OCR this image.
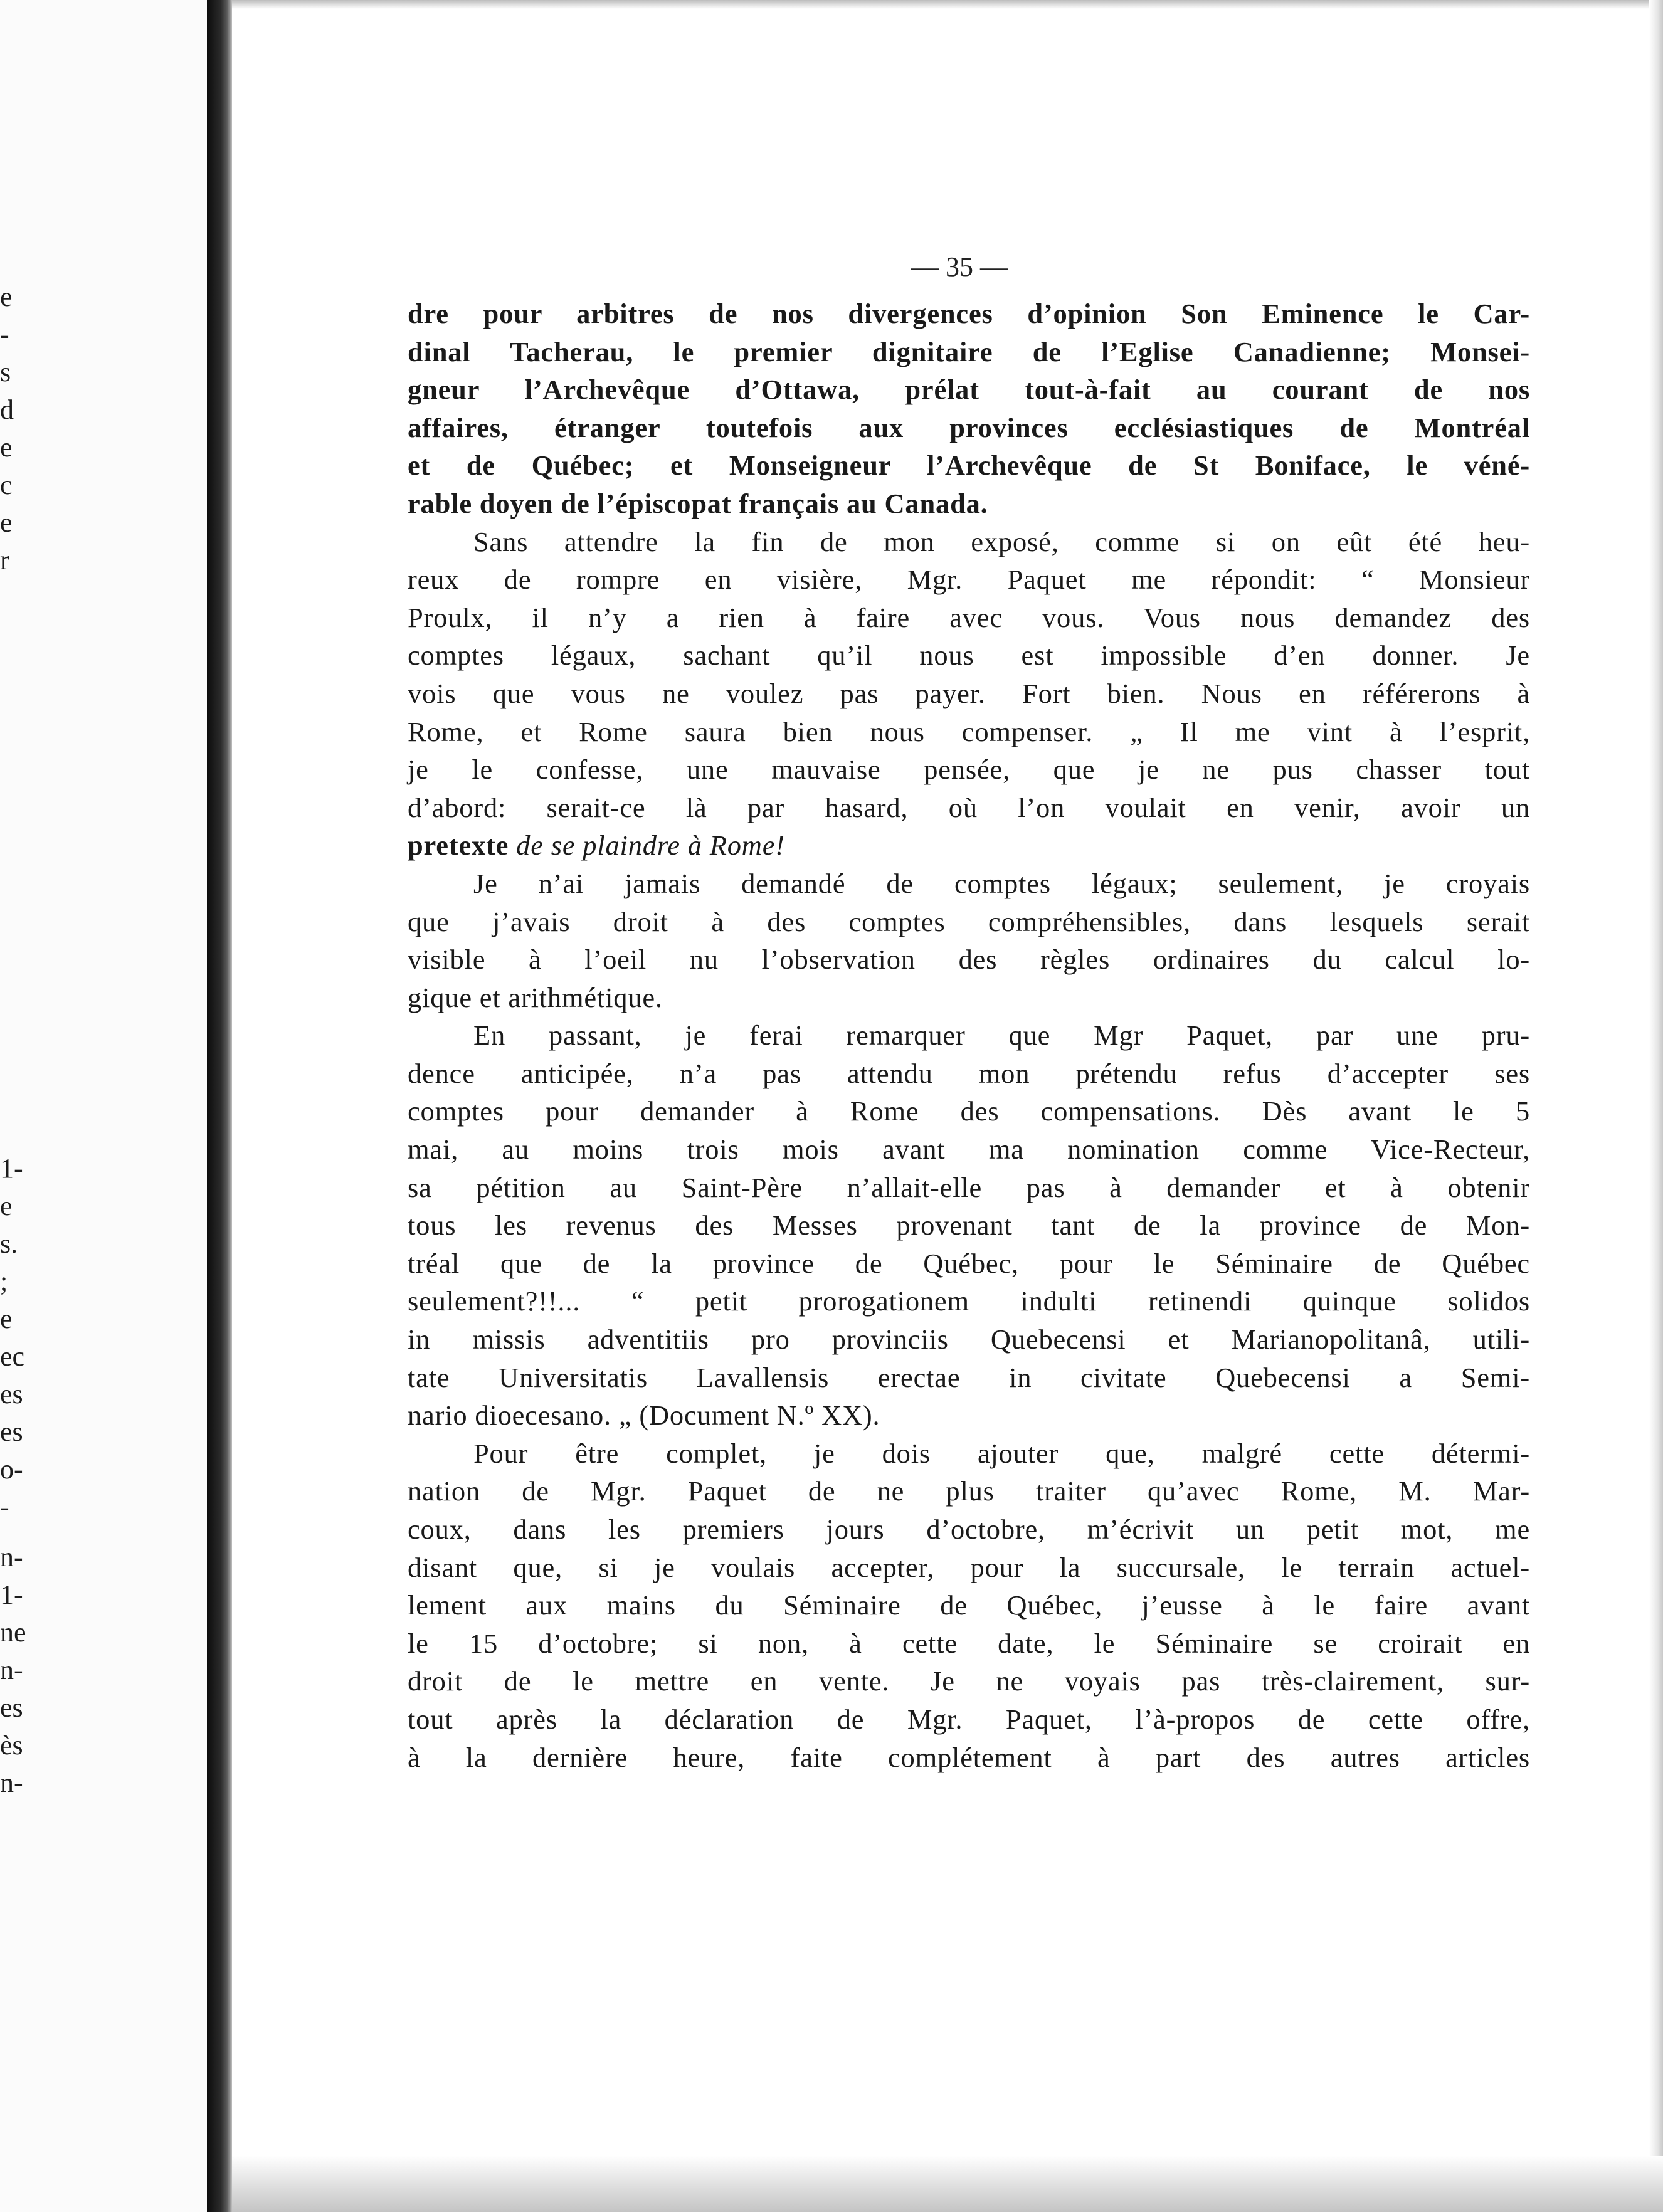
e
-
s
d
e
c
e
r
1-
e
s.
;
e
ec
es
es
o-
-
n-
1-
ne
n-
es
ès
n-
— 35 —

dre pour arbitres de nos divergences d’opinion Son Eminence le Car-

dinal Tacherau, le premier dignitaire de l’Eglise Canadienne; Monsei-

gneur l’Archevêque d’Ottawa, prélat tout-à-fait au courant de nos

affaires, étranger toutefois aux provinces ecclésiastiques de Montréal

et de Québec; et Monseigneur l’Archevêque de St Boniface, le véné-

rable doyen de l’épiscopat français au Canada.

Sans attendre la fin de mon exposé, comme si on eût été heu-

reux de rompre en visière, Mgr. Paquet me répondit: “ Monsieur

Proulx, il n’y a rien à faire avec vous. Vous nous demandez des

comptes légaux, sachant qu’il nous est impossible d’en donner. Je

vois que vous ne voulez pas payer. Fort bien. Nous en référerons à

Rome, et Rome saura bien nous compenser. „ Il me vint à l’esprit,

je le confesse, une mauvaise pensée, que je ne pus chasser tout

d’abord: serait-ce là par hasard, où l’on voulait en venir, avoir un

pretexte de se plaindre à Rome!

Je n’ai jamais demandé de comptes légaux; seulement, je croyais

que j’avais droit à des comptes compréhensibles, dans lesquels serait

visible à l’oeil nu l’observation des règles ordinaires du calcul lo-

gique et arithmétique.

En passant, je ferai remarquer que Mgr Paquet, par une pru-

dence anticipée, n’a pas attendu mon prétendu refus d’accepter ses

comptes pour demander à Rome des compensations. Dès avant le 5

mai, au moins trois mois avant ma nomination comme Vice-Recteur,

sa pétition au Saint-Père n’allait-elle pas à demander et à obtenir

tous les revenus des Messes provenant tant de la province de Mon-

tréal que de la province de Québec, pour le Séminaire de Québec

seulement?!!... “ petit prorogationem indulti retinendi quinque solidos

in missis adventitiis pro provinciis Quebecensi et Marianopolitanâ, utili-

tate Universitatis Lavallensis erectae in civitate Quebecensi a Semi-

nario dioecesano. „ (Document N.º XX).

Pour être complet, je dois ajouter que, malgré cette détermi-

nation de Mgr. Paquet de ne plus traiter qu’avec Rome, M. Mar-

coux, dans les premiers jours d’octobre, m’écrivit un petit mot, me

disant que, si je voulais accepter, pour la succursale, le terrain actuel-

lement aux mains du Séminaire de Québec, j’eusse à le faire avant

le 15 d’octobre; si non, à cette date, le Séminaire se croirait en

droit de le mettre en vente. Je ne voyais pas très-clairement, sur-

tout après la déclaration de Mgr. Paquet, l’à-propos de cette offre,

à la dernière heure, faite complétement à part des autres articles
